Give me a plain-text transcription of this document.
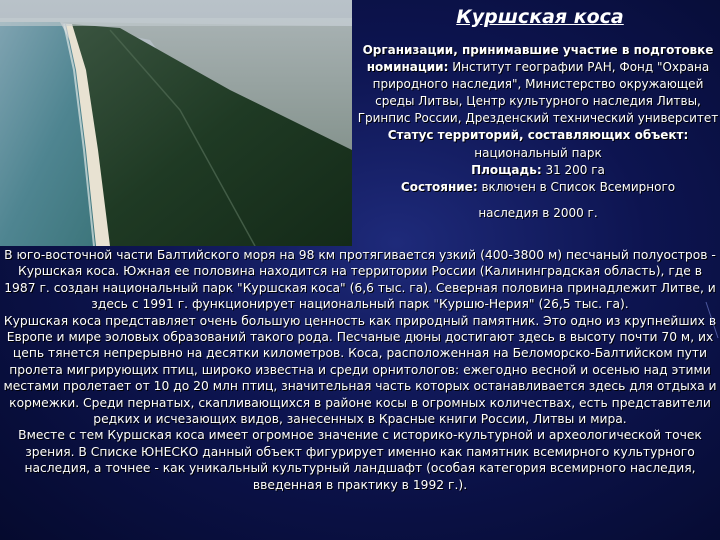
Куршская коса

Организации, принимавшие участие в подготовке номинации: Институт географии РАН, Фонд "Охрана природного наследия", Министерство окружающей среды Литвы, Центр культурного наследия Литвы, Гринпис России, Дрезденский технический университет

Статус территорий, составляющих объект:

национальный парк

Площадь: 31 200 га

Состояние: включен в Список Всемирного

наследия в 2000 г.

В юго-восточной части Балтийского моря на 98 км протягивается узкий (400-3800 м) песчаный полуостров - Куршская коса. Южная ее половина находится на территории России (Калининградская область), где в 1987 г. создан национальный парк "Куршская коса" (6,6 тыс. га). Северная половина принадлежит Литве, и здесь с 1991 г. функционирует национальный парк "Куршю-Нерия" (26,5 тыс. га).

Куршская коса представляет очень большую ценность как природный памятник. Это одно из крупнейших в Европе и мире эоловых образований такого рода. Песчаные дюны достигают здесь в высоту почти 70 м, их цепь тянется непрерывно на десятки километров. Коса, расположенная на Беломорско-Балтийском пути пролета мигрирующих птиц, широко известна и среди орнитологов: ежегодно весной и осенью над этими местами пролетает от 10 до 20 млн птиц, значительная часть которых останавливается здесь для отдыха и кормежки. Среди пернатых, скапливающихся в районе косы в огромных количествах, есть представители редких и исчезающих видов, занесенных в Красные книги России, Литвы и мира.

Вместе с тем Куршская коса имеет огромное значение с историко-культурной и археологической точек зрения. В Списке ЮНЕСКО данный объект фигурирует именно как памятник всемирного культурного наследия, а точнее - как уникальный культурный ландшафт (особая категория всемирного наследия, введенная в практику в 1992 г.).
